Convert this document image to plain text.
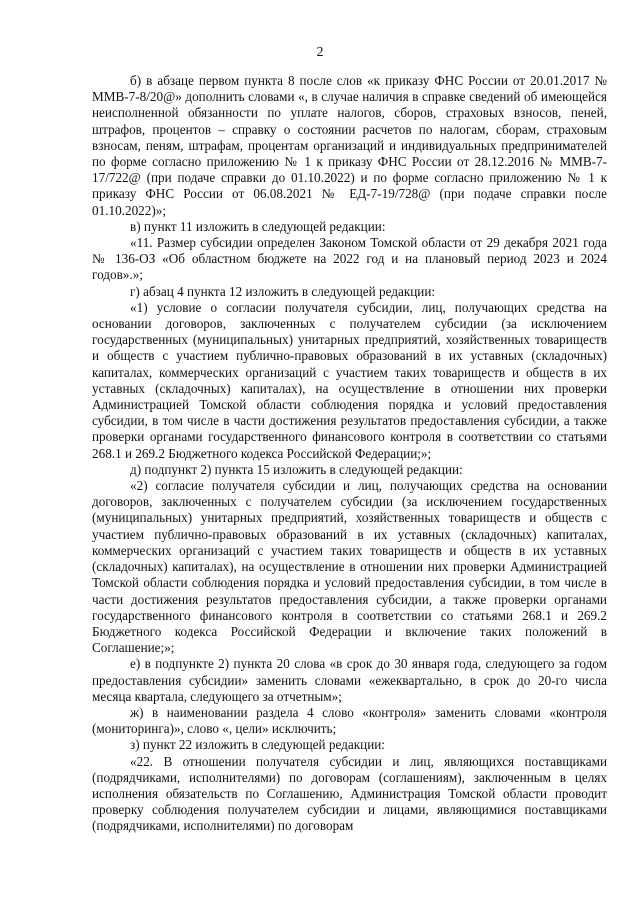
2

б) в абзаце первом пункта 8 после слов «к приказу ФНС России от 20.01.2017 № ММВ-7-8/20@» дополнить словами «, в случае наличия в справке сведений об имеющейся неисполненной обязанности по уплате налогов, сборов, страховых взносов, пеней, штрафов, процентов – справку о состоянии расчетов по налогам, сборам, страховым взносам, пеням, штрафам, процентам организаций и индивидуальных предпринимателей по форме согласно приложению № 1 к приказу ФНС России от 28.12.2016 № ММВ-7-17/722@ (при подаче справки до 01.10.2022) и по форме согласно приложению № 1 к приказу ФНС России от 06.08.2021 № ЕД-7-19/728@ (при подаче справки после 01.10.2022)»;

в) пункт 11 изложить в следующей редакции:

«11. Размер субсидии определен Законом Томской области от 29 декабря 2021 года № 136-ОЗ «Об областном бюджете на 2022 год и на плановый период 2023 и 2024 годов».»;

г) абзац 4 пункта 12 изложить в следующей редакции:

«1) условие о согласии получателя субсидии, лиц, получающих средства на основании договоров, заключенных с получателем субсидии (за исключением государственных (муниципальных) унитарных предприятий, хозяйственных товариществ и обществ с участием публично-правовых образований в их уставных (складочных) капиталах, коммерческих организаций с участием таких товариществ и обществ в их уставных (складочных) капиталах), на осуществление в отношении них проверки Администрацией Томской области соблюдения порядка и условий предоставления субсидии, в том числе в части достижения результатов предоставления субсидии, а также проверки органами государственного финансового контроля в соответствии со статьями 268.1 и 269.2 Бюджетного кодекса Российской Федерации;»;

д) подпункт 2) пункта 15 изложить в следующей редакции:

«2) согласие получателя субсидии и лиц, получающих средства на основании договоров, заключенных с получателем субсидии (за исключением государственных (муниципальных) унитарных предприятий, хозяйственных товариществ и обществ с участием публично-правовых образований в их уставных (складочных) капиталах, коммерческих организаций с участием таких товариществ и обществ в их уставных (складочных) капиталах), на осуществление в отношении них проверки Администрацией Томской области соблюдения порядка и условий предоставления субсидии, в том числе в части достижения результатов предоставления субсидии, а также проверки органами государственного финансового контроля в соответствии со статьями 268.1 и 269.2 Бюджетного кодекса Российской Федерации и включение таких положений в Соглашение;»;

е) в подпункте 2) пункта 20 слова «в срок до 30 января года, следующего за годом предоставления субсидии» заменить словами «ежеквартально, в срок до 20-го числа месяца квартала, следующего за отчетным»;

ж) в наименовании раздела 4 слово «контроля» заменить словами «контроля (мониторинга)», слово «, цели» исключить;

з) пункт 22 изложить в следующей редакции:

«22. В отношении получателя субсидии и лиц, являющихся поставщиками (подрядчиками, исполнителями) по договорам (соглашениям), заключенным в целях исполнения обязательств по Соглашению, Администрация Томской области проводит проверку соблюдения получателем субсидии и лицами, являющимися поставщиками (подрядчиками, исполнителями) по договорам
